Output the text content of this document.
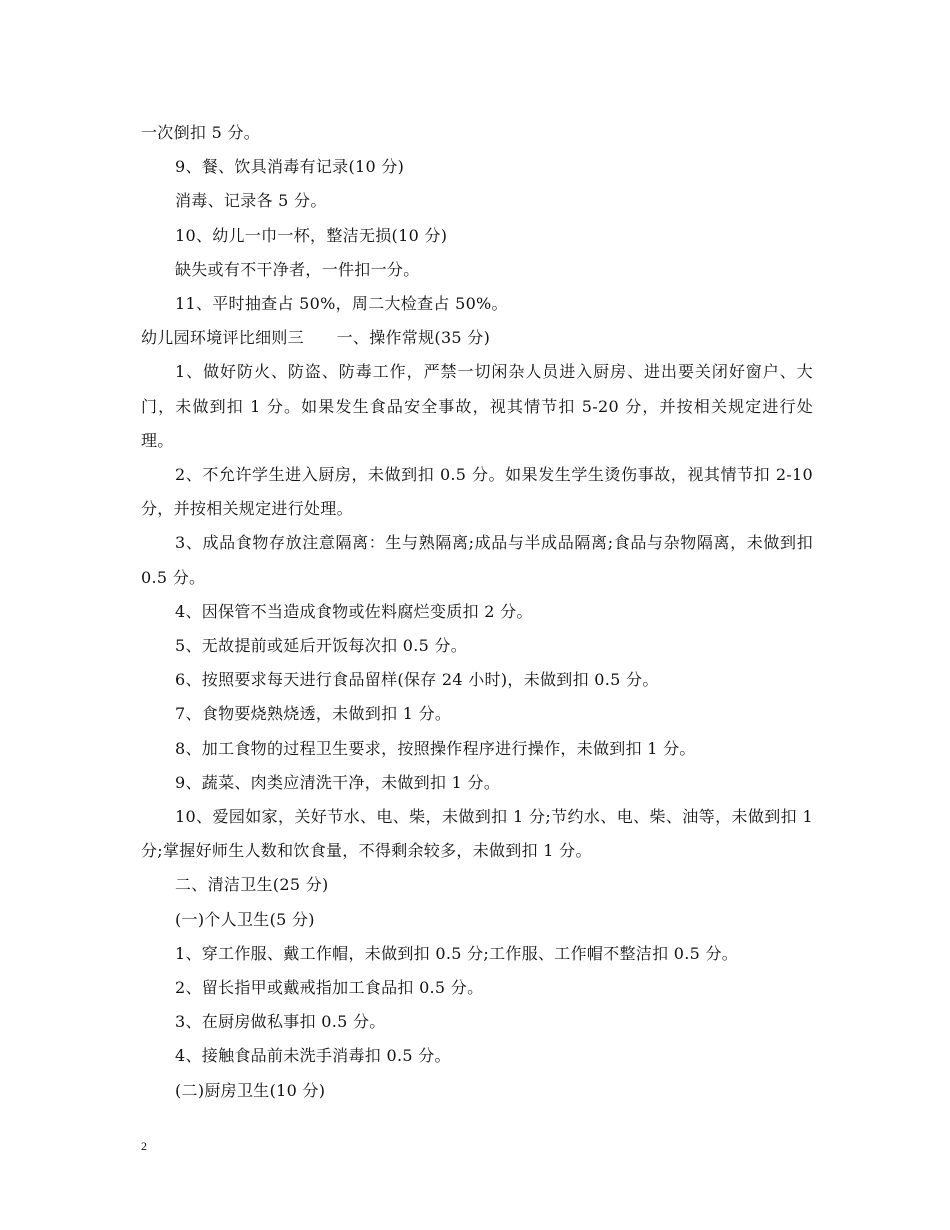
一次倒扣 5 分。

9、餐、饮具消毒有记录(10 分)

消毒、记录各 5 分。

10、幼儿一巾一杯，整洁无损(10 分)

缺失或有不干净者，一件扣一分。

11、平时抽查占 50%，周二大检查占 50%。

幼儿园环境评比细则三　　一、操作常规(35 分)

1、做好防火、防盗、防毒工作，严禁一切闲杂人员进入厨房、进出要关闭好窗户、大门，未做到扣 1 分。如果发生食品安全事故，视其情节扣 5-20 分，并按相关规定进行处理。

2、不允许学生进入厨房，未做到扣 0.5 分。如果发生学生烫伤事故，视其情节扣 2-10 分，并按相关规定进行处理。

3、成品食物存放注意隔离：生与熟隔离;成品与半成品隔离;食品与杂物隔离，未做到扣 0.5 分。

4、因保管不当造成食物或佐料腐烂变质扣 2 分。

5、无故提前或延后开饭每次扣 0.5 分。

6、按照要求每天进行食品留样(保存 24 小时)，未做到扣 0.5 分。

7、食物要烧熟烧透，未做到扣 1 分。

8、加工食物的过程卫生要求，按照操作程序进行操作，未做到扣 1 分。

9、蔬菜、肉类应清洗干净，未做到扣 1 分。

10、爱园如家，关好节水、电、柴，未做到扣 1 分;节约水、电、柴、油等，未做到扣 1 分;掌握好师生人数和饮食量，不得剩余较多，未做到扣 1 分。

二、清洁卫生(25 分)

(一)个人卫生(5 分)

1、穿工作服、戴工作帽，未做到扣 0.5 分;工作服、工作帽不整洁扣 0.5 分。

2、留长指甲或戴戒指加工食品扣 0.5 分。

3、在厨房做私事扣 0.5 分。

4、接触食品前未洗手消毒扣 0.5 分。

(二)厨房卫生(10 分)

2
